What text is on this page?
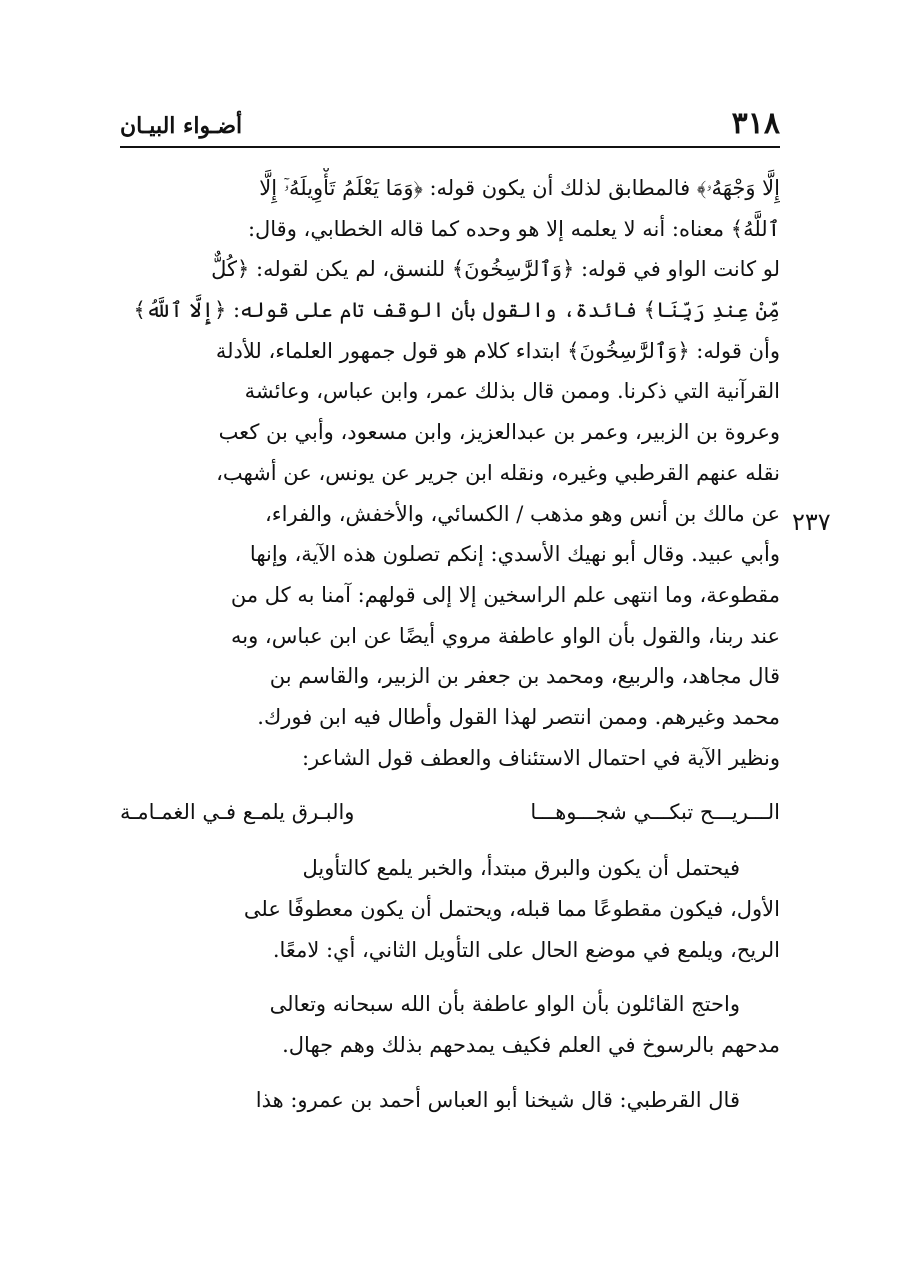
٣١٨
أضـواء البيـان
٢٣٧
إِلَّا وَجْهَهُۥ﴾ فالمطابق لذلك أن يكون قوله: ﴿وَمَا يَعْلَمُ تَأْوِيلَهُۥٓ إِلَّا
ٱللَّهُ﴾ معناه: أنه لا يعلمه إلا هو وحده كما قاله الخطابي، وقال:
لو كانت الواو في قوله: ﴿وَٱلرَّٰسِخُونَ﴾ للنسق، لم يكن لقوله: ﴿كُلٌّ
مِّنْ عِندِ رَبِّنَا﴾ فائدة، والقول بأن الوقف تام على قوله: ﴿إِلَّا ٱللَّهُ﴾
وأن قوله: ﴿وَٱلرَّٰسِخُونَ﴾ ابتداء كلام هو قول جمهور العلماء، للأدلة
القرآنية التي ذكرنا. وممن قال بذلك عمر، وابن عباس، وعائشة
وعروة بن الزبير، وعمر بن عبدالعزيز، وابن مسعود، وأبي بن كعب
نقله عنهم القرطبي وغيره، ونقله ابن جرير عن يونس، عن أشهب،
عن مالك بن أنس وهو مذهب / الكسائي، والأخفش، والفراء،
وأبي عبيد. وقال أبو نهيك الأسدي: إنكم تصلون هذه الآية، وإنها
مقطوعة، وما انتهى علم الراسخين إلا إلى قولهم: آمنا به كل من
عند ربنا، والقول بأن الواو عاطفة مروي أيضًا عن ابن عباس، وبه
قال مجاهد، والربيع، ومحمد بن جعفر بن الزبير، والقاسم بن
محمد وغيرهم. وممن انتصر لهذا القول وأطال فيه ابن فورك.
ونظير الآية في احتمال الاستئناف والعطف قول الشاعر:
الـــريـــح تبكـــي شجـــوهـــا
والبـرق يلمـع فـي الغمـامـة
فيحتمل أن يكون والبرق مبتدأ، والخبر يلمع كالتأويل
الأول، فيكون مقطوعًا مما قبله، ويحتمل أن يكون معطوفًا على
الريح، ويلمع في موضع الحال على التأويل الثاني، أي: لامعًا.
واحتج القائلون بأن الواو عاطفة بأن الله سبحانه وتعالى
مدحهم بالرسوخ في العلم فكيف يمدحهم بذلك وهم جهال.
قال القرطبي: قال شيخنا أبو العباس أحمد بن عمرو: هذا
